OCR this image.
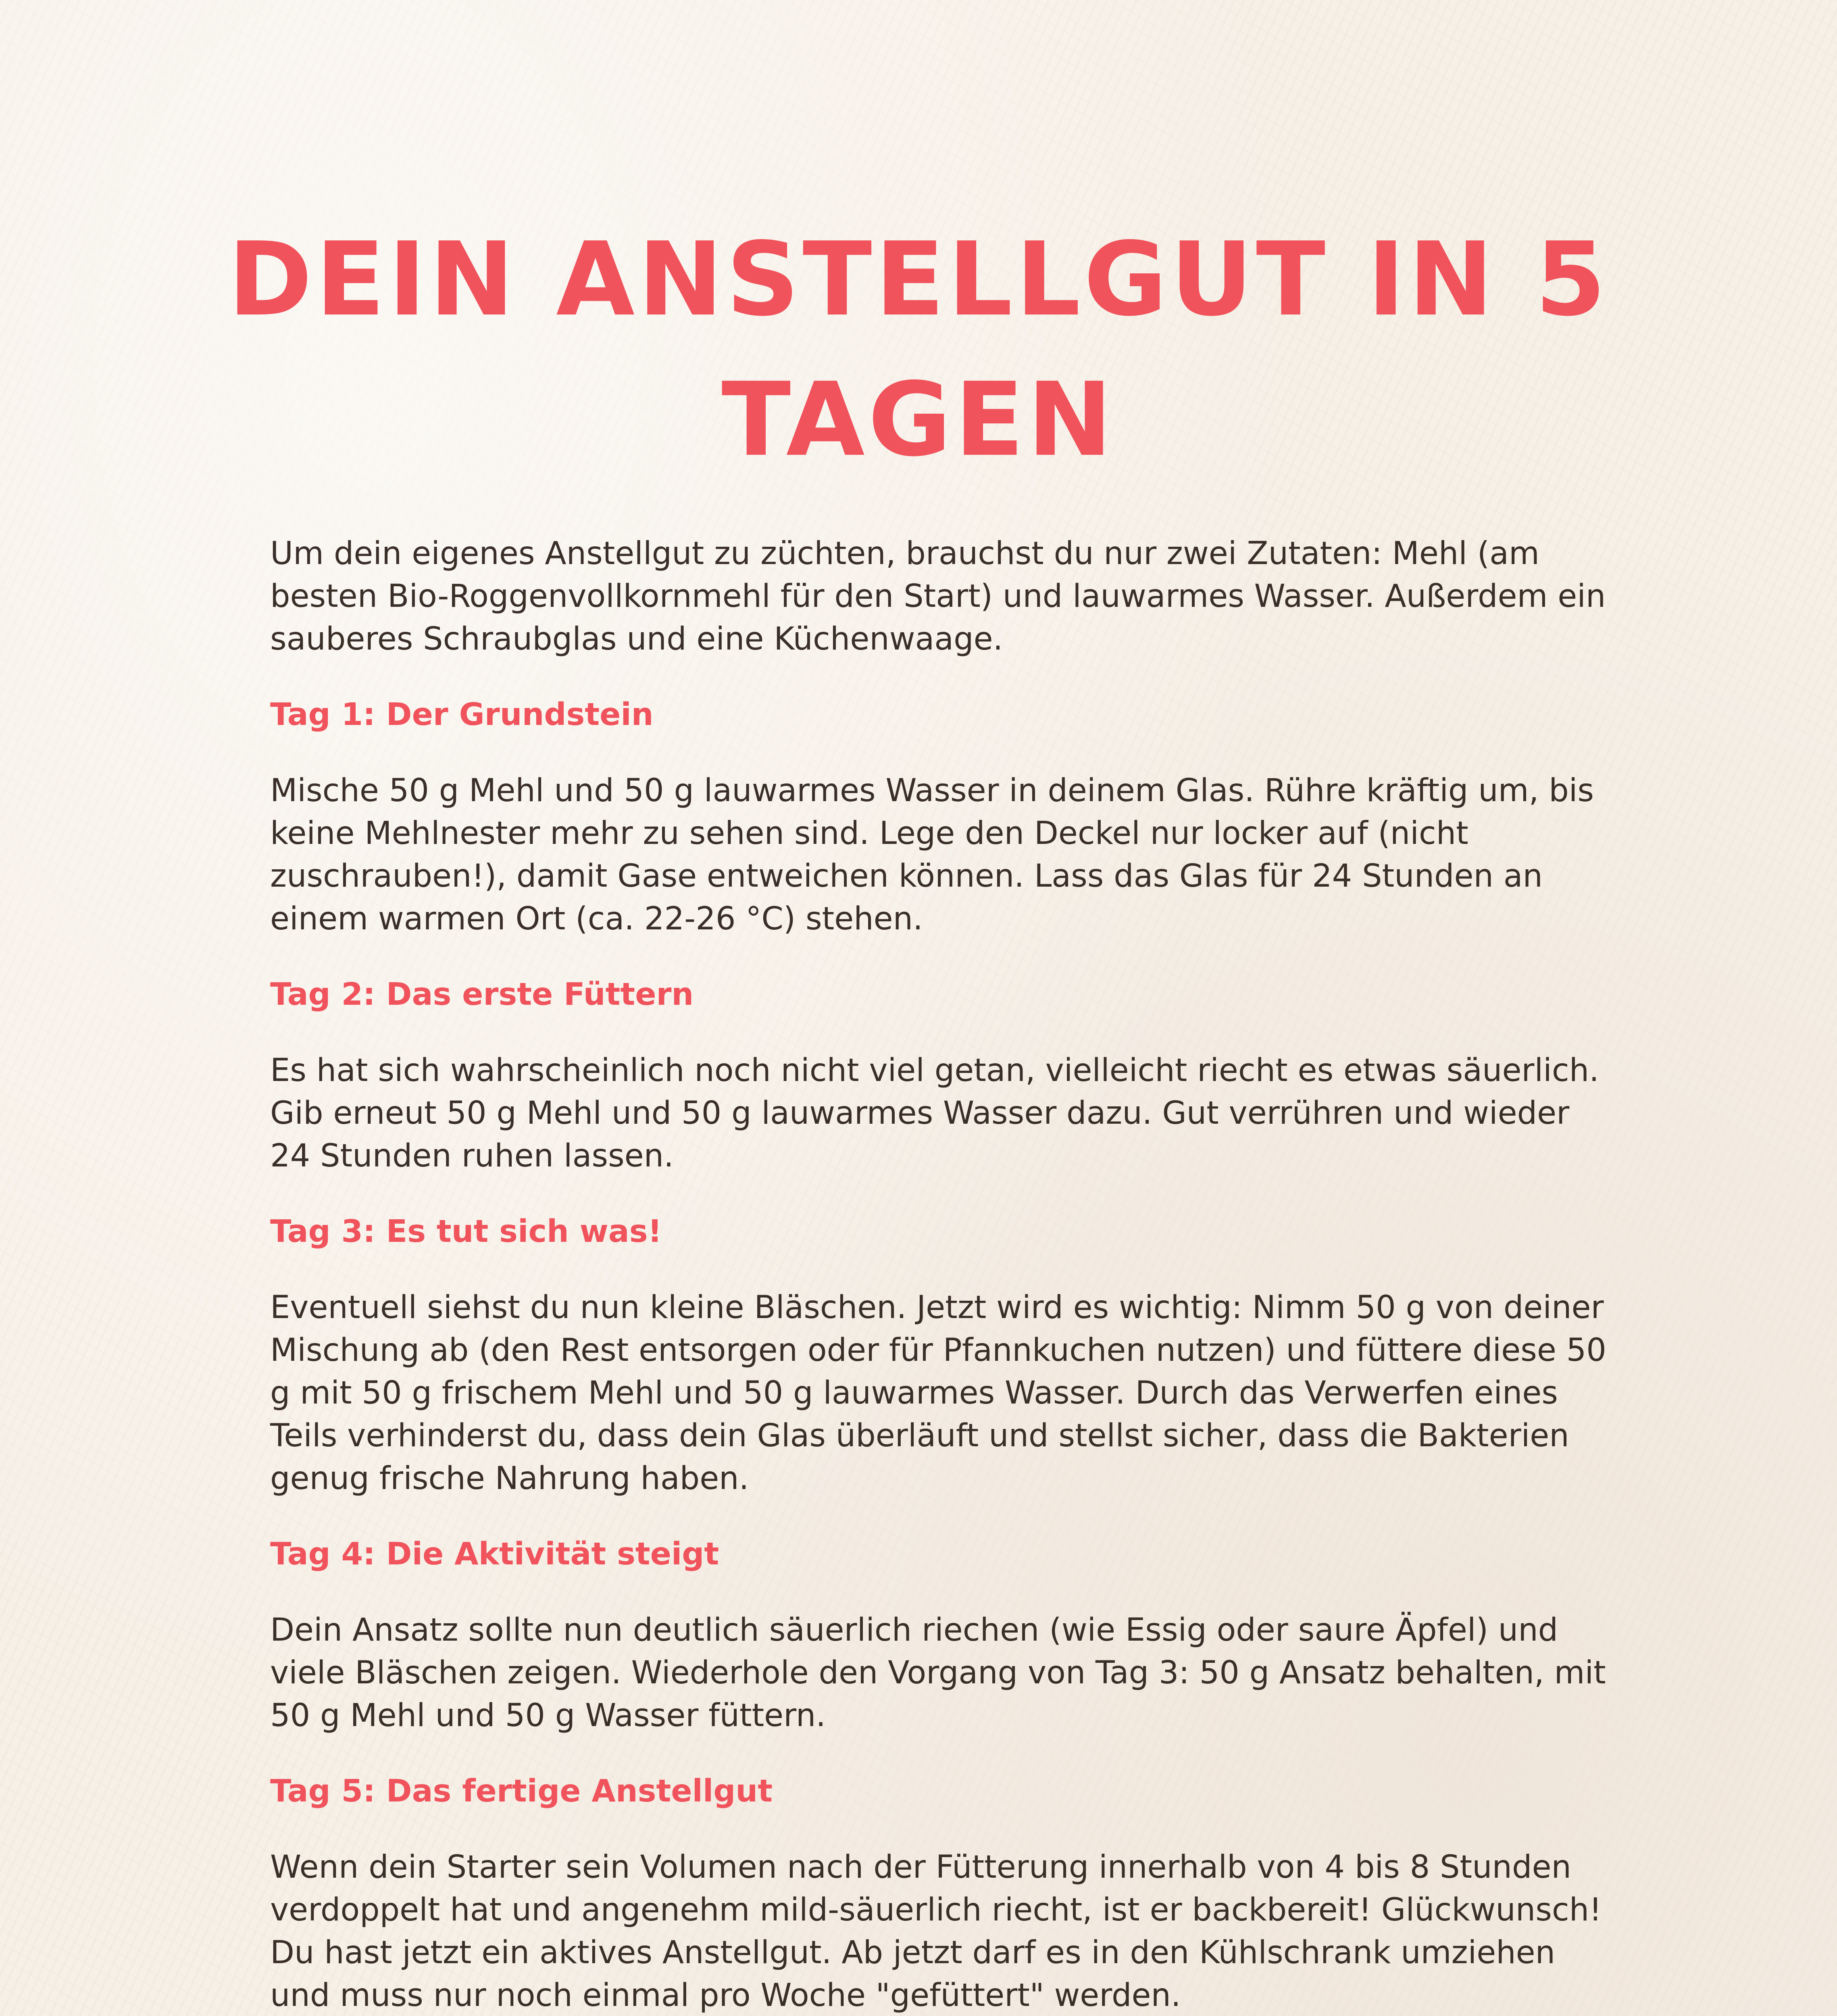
DEIN ANSTELLGUT IN 5 TAGEN

Um dein eigenes Anstellgut zu züchten, brauchst du nur zwei Zutaten: Mehl (am besten Bio-Roggenvollkornmehl für den Start) und lauwarmes Wasser. Außerdem ein sauberes Schraubglas und eine Küchenwaage.

Tag 1: Der Grundstein

Mische 50 g Mehl und 50 g lauwarmes Wasser in deinem Glas. Rühre kräftig um, bis keine Mehlnester mehr zu sehen sind. Lege den Deckel nur locker auf (nicht zuschrauben!), damit Gase entweichen können. Lass das Glas für 24 Stunden an einem warmen Ort (ca. 22-26 °C) stehen.

Tag 2: Das erste Füttern

Es hat sich wahrscheinlich noch nicht viel getan, vielleicht riecht es etwas säuerlich. Gib erneut 50 g Mehl und 50 g lauwarmes Wasser dazu. Gut verrühren und wieder 24 Stunden ruhen lassen.

Tag 3: Es tut sich was!

Eventuell siehst du nun kleine Bläschen. Jetzt wird es wichtig: Nimm 50 g von deiner Mischung ab (den Rest entsorgen oder für Pfannkuchen nutzen) und füttere diese 50 g mit 50 g frischem Mehl und 50 g lauwarmes Wasser. Durch das Verwerfen eines Teils verhinderst du, dass dein Glas überläuft und stellst sicher, dass die Bakterien genug frische Nahrung haben.

Tag 4: Die Aktivität steigt

Dein Ansatz sollte nun deutlich säuerlich riechen (wie Essig oder saure Äpfel) und viele Bläschen zeigen. Wiederhole den Vorgang von Tag 3: 50 g Ansatz behalten, mit 50 g Mehl und 50 g Wasser füttern.

Tag 5: Das fertige Anstellgut

Wenn dein Starter sein Volumen nach der Fütterung innerhalb von 4 bis 8 Stunden verdoppelt hat und angenehm mild-säuerlich riecht, ist er backbereit! Glückwunsch! Du hast jetzt ein aktives Anstellgut. Ab jetzt darf es in den Kühlschrank umziehen und muss nur noch einmal pro Woche "gefüttert" werden.
